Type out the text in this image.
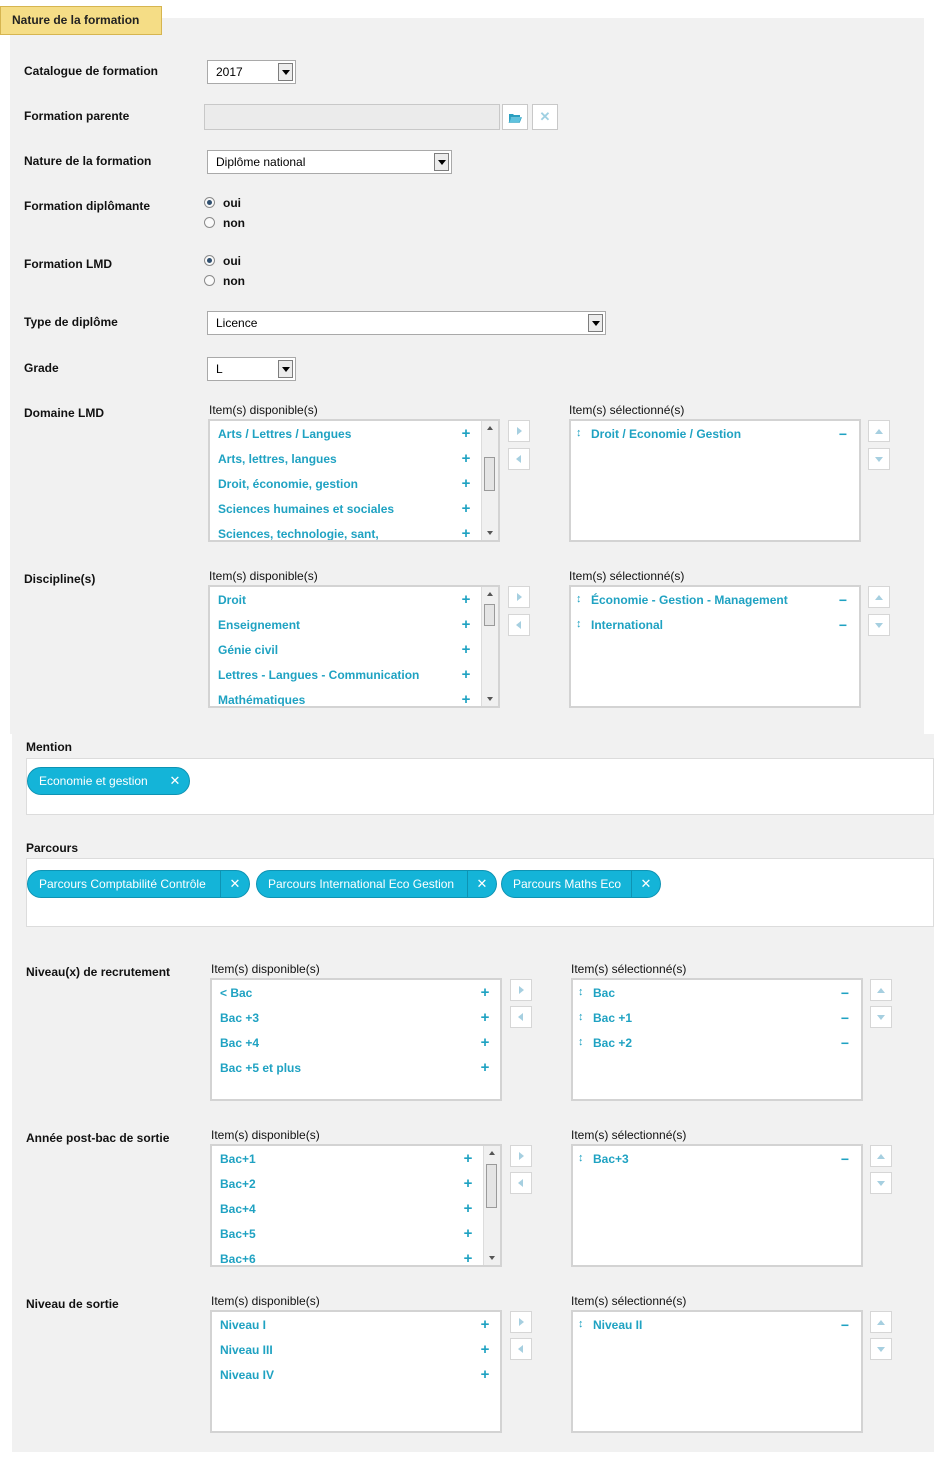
Nature de la formation
Catalogue de formation	2017
Formation parente	✕
Nature de la formation	Diplôme national
Formation diplômante	oui
non
Formation LMD	oui
non
Type de diplôme	Licence
Grade	L
Domaine LMD	Item(s) disponible(s)	Item(s) sélectionné(s)
Arts / Lettres / Langues	+
Arts, lettres, langues	+
Droit, économie, gestion	+
Sciences humaines et sociales	+
Sciences, technologie, sant,	+
↕ Droit / Economie / Gestion	−
Discipline(s)	Item(s) disponible(s)	Item(s) sélectionné(s)
Droit	+
Enseignement	+
Génie civil	+
Lettres - Langues - Communication	+
Mathématiques	+
↕ Économie - Gestion - Management	−
↕ International	−
Mention
Economie et gestion	✕
Parcours
Parcours Comptabilité Contrôle	✕	Parcours International Eco Gestion	✕	Parcours Maths Eco	✕
Niveau(x) de recrutement	Item(s) disponible(s)	Item(s) sélectionné(s)
< Bac	+
Bac +3	+
Bac +4	+
Bac +5 et plus	+
↕ Bac	−
↕ Bac +1	−
↕ Bac +2	−
Année post-bac de sortie	Item(s) disponible(s)	Item(s) sélectionné(s)
Bac+1	+
Bac+2	+
Bac+4	+
Bac+5	+
Bac+6	+
↕ Bac+3	−
Niveau de sortie	Item(s) disponible(s)	Item(s) sélectionné(s)
Niveau I	+
Niveau III	+
Niveau IV	+
↕ Niveau II	−
